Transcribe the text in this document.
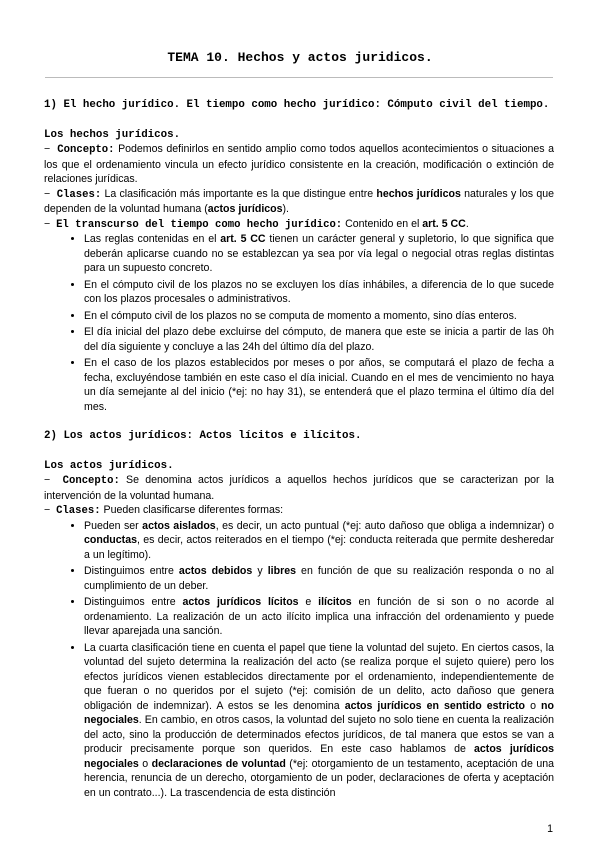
TEMA 10. Hechos y actos juridicos.

1) El hecho jurídico. El tiempo como hecho jurídico: Cómputo civil del tiempo.

Los hechos jurídicos.

− Concepto: Podemos definirlos en sentido amplio como todos aquellos acontecimientos o situaciones a los que el ordenamiento vincula un efecto jurídico consistente en la creación, modificación o extinción de relaciones jurídicas.

− Clases: La clasificación más importante es la que distingue entre hechos jurídicos naturales y los que dependen de la voluntad humana (actos jurídicos).

− El transcurso del tiempo como hecho jurídico: Contenido en el art. 5 CC.

• Las reglas contenidas en el art. 5 CC tienen un carácter general y supletorio, lo que significa que deberán aplicarse cuando no se establezcan ya sea por vía legal o negocial otras reglas distintas para un supuesto concreto.
• En el cómputo civil de los plazos no se excluyen los días inhábiles, a diferencia de lo que sucede con los plazos procesales o administrativos.
• En el cómputo civil de los plazos no se computa de momento a momento, sino días enteros.
• El día inicial del plazo debe excluirse del cómputo, de manera que este se inicia a partir de las 0h del día siguiente y concluye a las 24h del último día del plazo.
• En el caso de los plazos establecidos por meses o por años, se computará el plazo de fecha a fecha, excluyéndose también en este caso el día inicial. Cuando en el mes de vencimiento no haya un día semejante al del inicio (*ej: no hay 31), se entenderá que el plazo termina el último día del mes.

2) Los actos jurídicos: Actos lícitos e ilícitos.

Los actos jurídicos.

− Concepto: Se denomina actos jurídicos a aquellos hechos jurídicos que se caracterizan por la intervención de la voluntad humana.

− Clases: Pueden clasificarse diferentes formas:

• Pueden ser actos aislados, es decir, un acto puntual (*ej: auto dañoso que obliga a indemnizar) o conductas, es decir, actos reiterados en el tiempo (*ej: conducta reiterada que permite desheredar a un legítimo).
• Distinguimos entre actos debidos y libres en función de que su realización responda o no al cumplimiento de un deber.
• Distinguimos entre actos jurídicos lícitos e ilícitos en función de si son o no acorde al ordenamiento. La realización de un acto ilícito implica una infracción del ordenamiento y puede llevar aparejada una sanción.
• La cuarta clasificación tiene en cuenta el papel que tiene la voluntad del sujeto. En ciertos casos, la voluntad del sujeto determina la realización del acto (se realiza porque el sujeto quiere) pero los efectos jurídicos vienen establecidos directamente por el ordenamiento, independientemente de que fueran o no queridos por el sujeto (*ej: comisión de un delito, acto dañoso que genera obligación de indemnizar). A estos se les denomina actos jurídicos en sentido estricto o no negociales. En cambio, en otros casos, la voluntad del sujeto no solo tiene en cuenta la realización del acto, sino la producción de determinados efectos jurídicos, de tal manera que estos se van a producir precisamente porque son queridos. En este caso hablamos de actos jurídicos negociales o declaraciones de voluntad (*ej: otorgamiento de un testamento, aceptación de una herencia, renuncia de un derecho, otorgamiento de un poder, declaraciones de oferta y aceptación en un contrato...). La trascendencia de esta distinción
1
